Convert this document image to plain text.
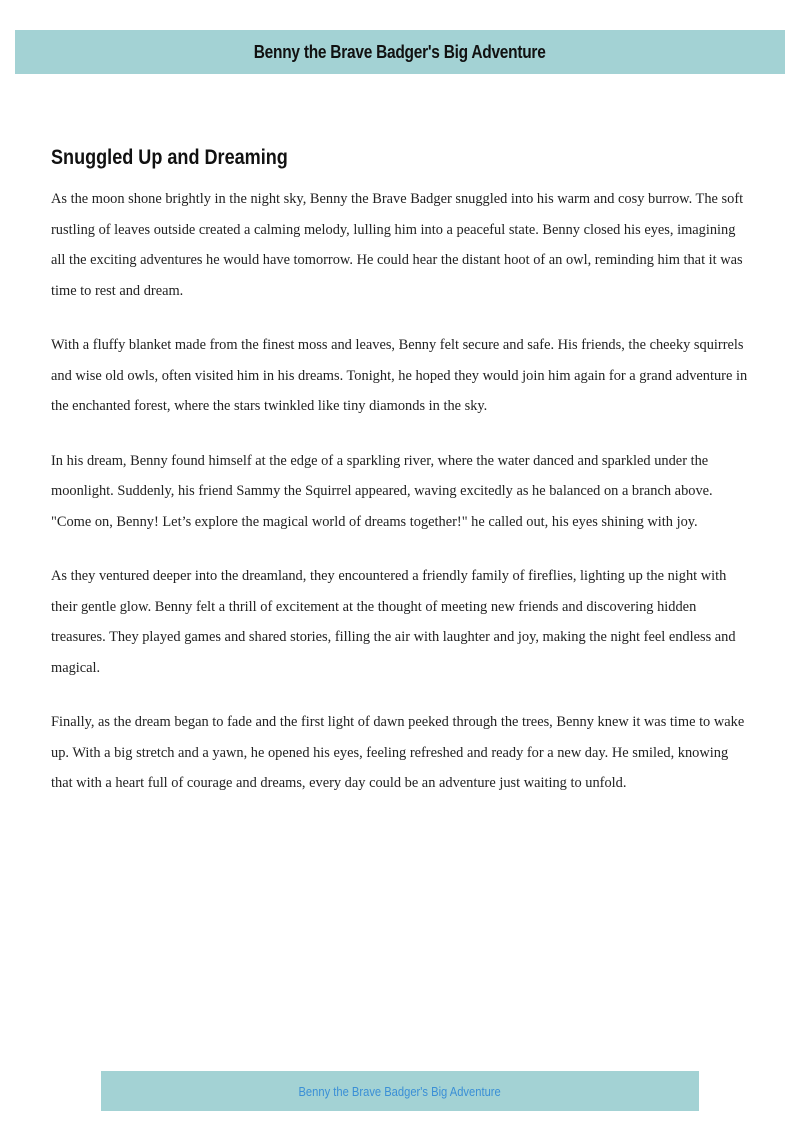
Benny the Brave Badger's Big Adventure
Snuggled Up and Dreaming

As the moon shone brightly in the night sky, Benny the Brave Badger snuggled into his warm and cosy burrow. The soft rustling of leaves outside created a calming melody, lulling him into a peaceful state. Benny closed his eyes, imagining all the exciting adventures he would have tomorrow. He could hear the distant hoot of an owl, reminding him that it was time to rest and dream.

With a fluffy blanket made from the finest moss and leaves, Benny felt secure and safe. His friends, the cheeky squirrels and wise old owls, often visited him in his dreams. Tonight, he hoped they would join him again for a grand adventure in the enchanted forest, where the stars twinkled like tiny diamonds in the sky.

In his dream, Benny found himself at the edge of a sparkling river, where the water danced and sparkled under the moonlight. Suddenly, his friend Sammy the Squirrel appeared, waving excitedly as he balanced on a branch above. "Come on, Benny! Let’s explore the magical world of dreams together!" he called out, his eyes shining with joy.

As they ventured deeper into the dreamland, they encountered a friendly family of fireflies, lighting up the night with their gentle glow. Benny felt a thrill of excitement at the thought of meeting new friends and discovering hidden treasures. They played games and shared stories, filling the air with laughter and joy, making the night feel endless and magical.

Finally, as the dream began to fade and the first light of dawn peeked through the trees, Benny knew it was time to wake up. With a big stretch and a yawn, he opened his eyes, feeling refreshed and ready for a new day. He smiled, knowing that with a heart full of courage and dreams, every day could be an adventure just waiting to unfold.

Benny the Brave Badger's Big Adventure
